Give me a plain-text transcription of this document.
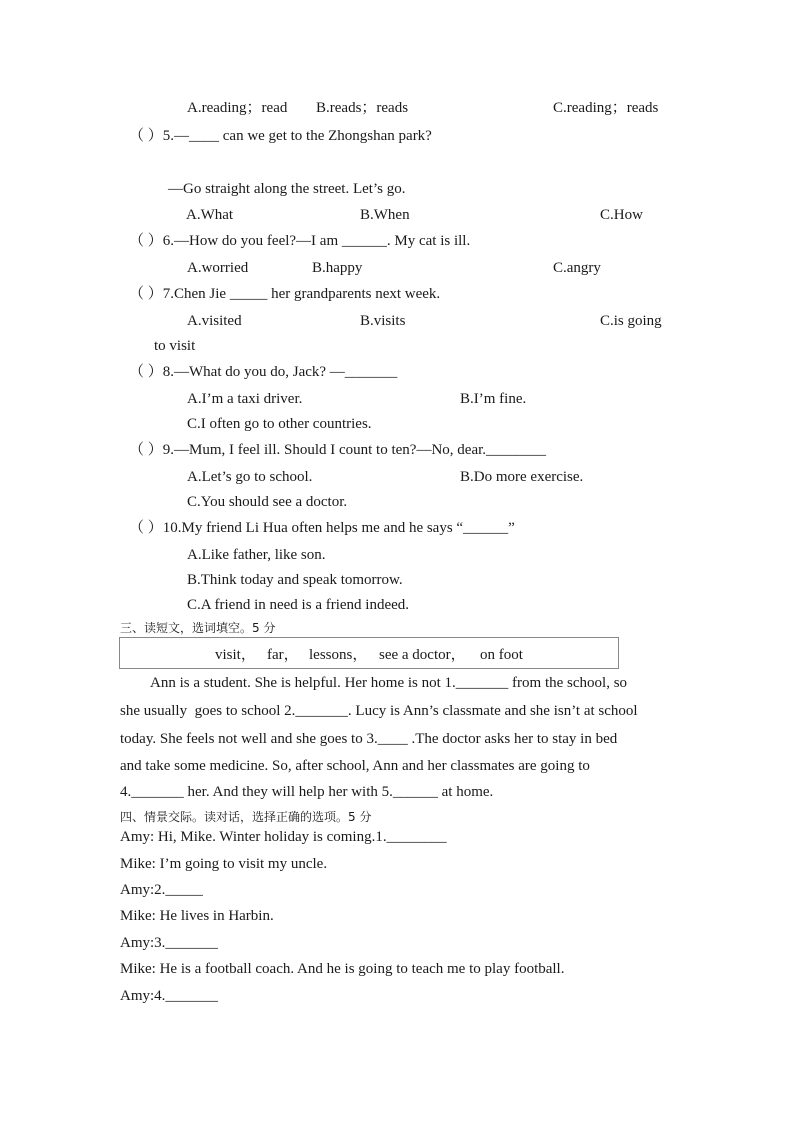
A.reading；read B.reads；reads	C.reading；reads
（ ）5.—____ can we get to the Zhongshan park?
—Go straight along the street. Let’s go.
A.What	B.When	C.How
（ ）6.—How do you feel?—I am ______. My cat is ill.
A.worried	B.happy	C.angry
（ ）7.Chen Jie _____ her grandparents next week.
A.visited	B.visits	C.is going
to visit
（ ）8.—What do you do, Jack? —_______
A.I’m a taxi driver.	B.I’m fine.
C.I often go to other countries.
（ ）9.—Mum, I feel ill. Should I count to ten?—No, dear.________
A.Let’s go to school.	B.Do more exercise.
C.You should see a doctor.
（ ）10.My friend Li Hua often helps me and he says “______”
A.Like father, like son.
B.Think today and speak tomorrow.
C.A friend in need is a friend indeed.
三、读短文，选词填空。5 分
visit， far， lessons， see a doctor， on foot
Ann is a student. She is helpful. Her home is not 1._______ from the school, so
she usually  goes to school 2._______. Lucy is Ann’s classmate and she isn’t at school
today. She feels not well and she goes to 3.____ .The doctor asks her to stay in bed
and take some medicine. So, after school, Ann and her classmates are going to
4._______ her. And they will help her with 5.______ at home.
四、情景交际。读对话，选择正确的选项。5 分
Amy: Hi, Mike. Winter holiday is coming.1.________
Mike: I’m going to visit my uncle.
Amy:2._____
Mike: He lives in Harbin.
Amy:3._______
Mike: He is a football coach. And he is going to teach me to play football.
Amy:4._______
